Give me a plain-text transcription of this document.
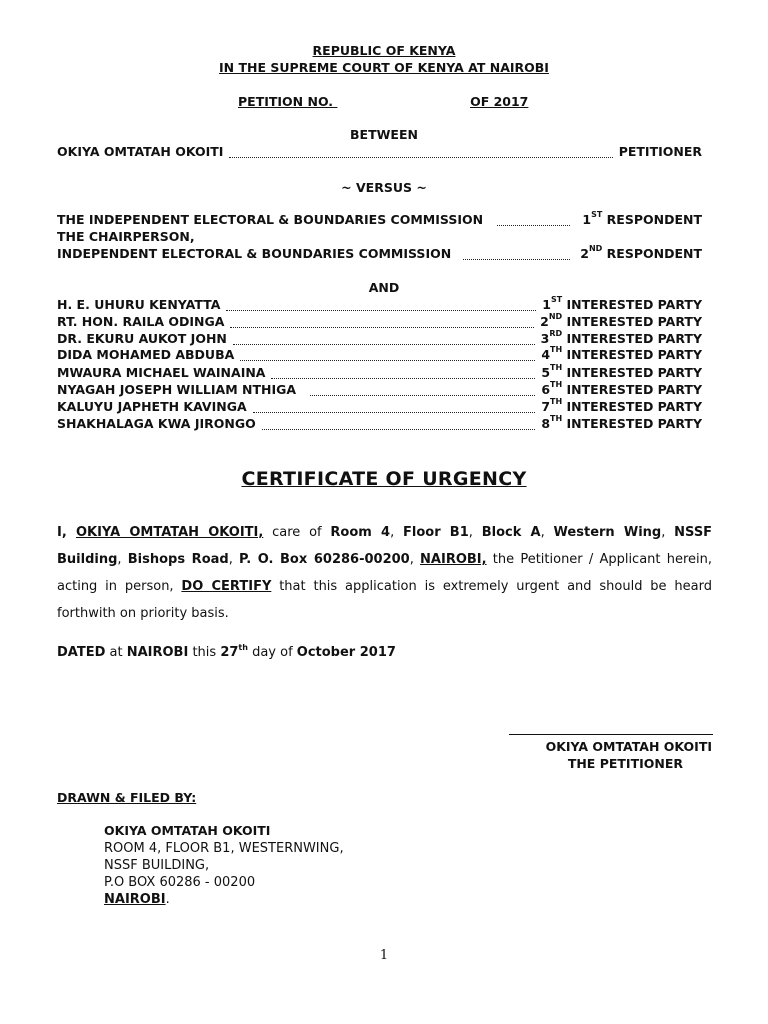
REPUBLIC OF KENYA
IN THE SUPREME COURT OF KENYA AT NAIROBI
PETITION NO.	OF 2017
BETWEEN
OKIYA OMTATAH OKOITI	PETITIONER
~ VERSUS ~
THE INDEPENDENT ELECTORAL & BOUNDARIES COMMISSION	1ST RESPONDENT
THE CHAIRPERSON,
INDEPENDENT ELECTORAL & BOUNDARIES COMMISSION	2ND RESPONDENT
AND
H. E. UHURU KENYATTA	1ST INTERESTED PARTY
RT. HON. RAILA ODINGA	2ND INTERESTED PARTY
DR. EKURU AUKOT JOHN	3RD INTERESTED PARTY
DIDA MOHAMED ABDUBA	4TH INTERESTED PARTY
MWAURA MICHAEL WAINAINA	5TH INTERESTED PARTY
NYAGAH JOSEPH WILLIAM NTHIGA	6TH INTERESTED PARTY
KALUYU JAPHETH KAVINGA	7TH INTERESTED PARTY
SHAKHALAGA KWA JIRONGO	8TH INTERESTED PARTY
CERTIFICATE OF URGENCY
I, OKIYA OMTATAH OKOITI, care of Room 4, Floor B1, Block A, Western Wing, NSSF Building, Bishops Road, P. O. Box 60286-00200, NAIROBI, the Petitioner / Applicant herein, acting in person, DO CERTIFY that this application is extremely urgent and should be heard forthwith on priority basis.
DATED at NAIROBI this 27th day of October 2017
OKIYA OMTATAH OKOITI
THE PETITIONER
DRAWN & FILED BY:
OKIYA OMTATAH OKOITI
ROOM 4, FLOOR B1, WESTERNWING,
NSSF BUILDING,
P.O BOX 60286 - 00200
NAIROBI.
1
